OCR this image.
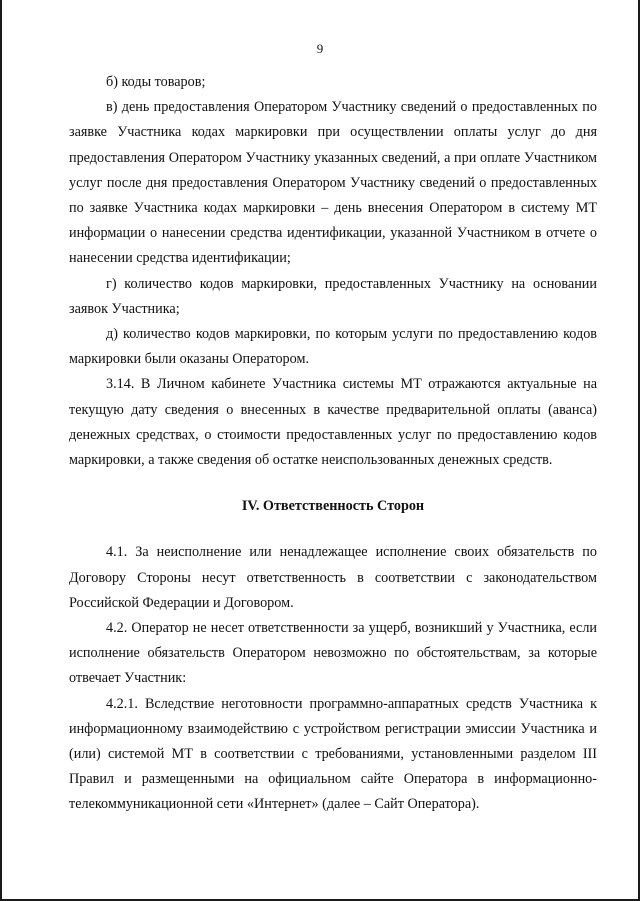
9

б) коды товаров;

в) день предоставления Оператором Участнику сведений о предоставленных по заявке Участника кодах маркировки при осуществлении оплаты услуг до дня предоставления Оператором Участнику указанных сведений, а при оплате Участником услуг после дня предоставления Оператором Участнику сведений о предоставленных по заявке Участника кодах маркировки – день внесения Оператором в систему МТ информации о нанесении средства идентификации, указанной Участником в отчете о нанесении средства идентификации;

г) количество кодов маркировки, предоставленных Участнику на основании заявок Участника;

д) количество кодов маркировки, по которым услуги по предоставлению кодов маркировки были оказаны Оператором.

3.14. В Личном кабинете Участника системы МТ отражаются актуальные на текущую дату сведения о внесенных в качестве предварительной оплаты (аванса) денежных средствах, о стоимости предоставленных услуг по предоставлению кодов маркировки, а также сведения об остатке неиспользованных денежных средств.

IV. Ответственность Сторон

4.1. За неисполнение или ненадлежащее исполнение своих обязательств по Договору Стороны несут ответственность в соответствии с законодательством Российской Федерации и Договором.

4.2. Оператор не несет ответственности за ущерб, возникший у Участника, если исполнение обязательств Оператором невозможно по обстоятельствам, за которые отвечает Участник:

4.2.1. Вследствие неготовности программно-аппаратных средств Участника к информационному взаимодействию с устройством регистрации эмиссии Участника и (или) системой МТ в соответствии с требованиями, установленными разделом III Правил и размещенными на официальном сайте Оператора в информационно-телекоммуникационной сети «Интернет» (далее – Сайт Оператора).
